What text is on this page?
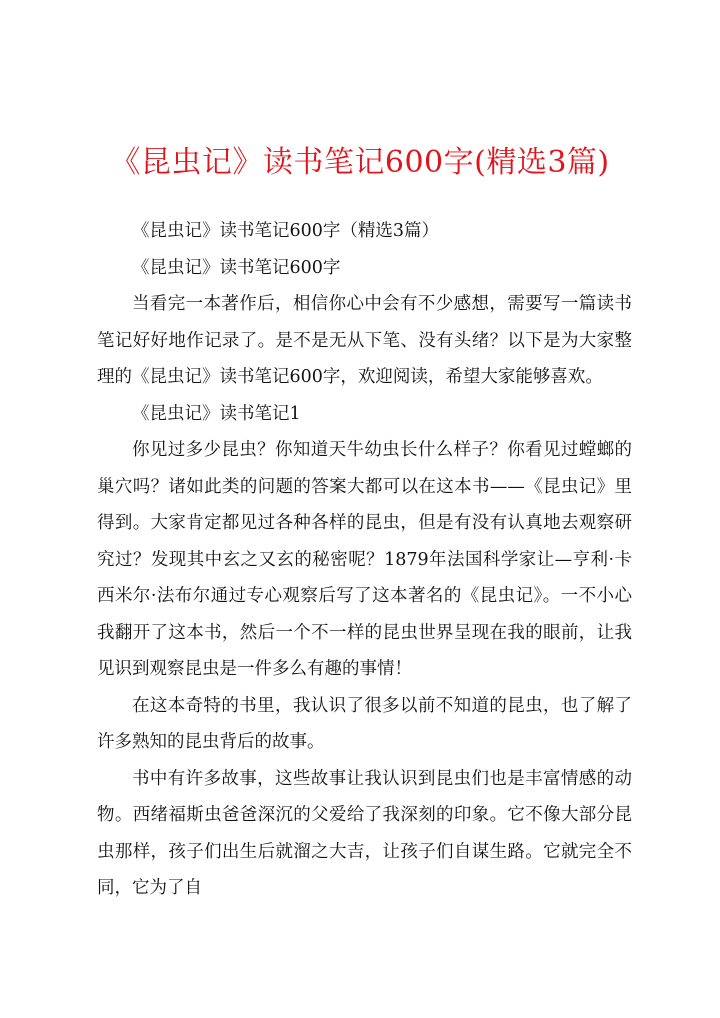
《昆虫记》读书笔记600字(精选3篇)

《昆虫记》读书笔记600字（精选3篇）

《昆虫记》读书笔记600字

当看完一本著作后，相信你心中会有不少感想，需要写一篇读书笔记好好地作记录了。是不是无从下笔、没有头绪？以下是为大家整理的《昆虫记》读书笔记600字，欢迎阅读，希望大家能够喜欢。

《昆虫记》读书笔记1

你见过多少昆虫？你知道天牛幼虫长什么样子？你看见过螳螂的巢穴吗？诸如此类的问题的答案大都可以在这本书——《昆虫记》里得到。大家肯定都见过各种各样的昆虫，但是有没有认真地去观察研究过？发现其中玄之又玄的秘密呢？1879年法国科学家让—亨利·卡西米尔·法布尔通过专心观察后写了这本著名的《昆虫记》。一不小心我翻开了这本书，然后一个不一样的昆虫世界呈现在我的眼前，让我见识到观察昆虫是一件多么有趣的事情！

在这本奇特的书里，我认识了很多以前不知道的昆虫，也了解了许多熟知的昆虫背后的故事。

书中有许多故事，这些故事让我认识到昆虫们也是丰富情感的动物。西绪福斯虫爸爸深沉的父爱给了我深刻的印象。它不像大部分昆虫那样，孩子们出生后就溜之大吉，让孩子们自谋生路。它就完全不同，它为了自
